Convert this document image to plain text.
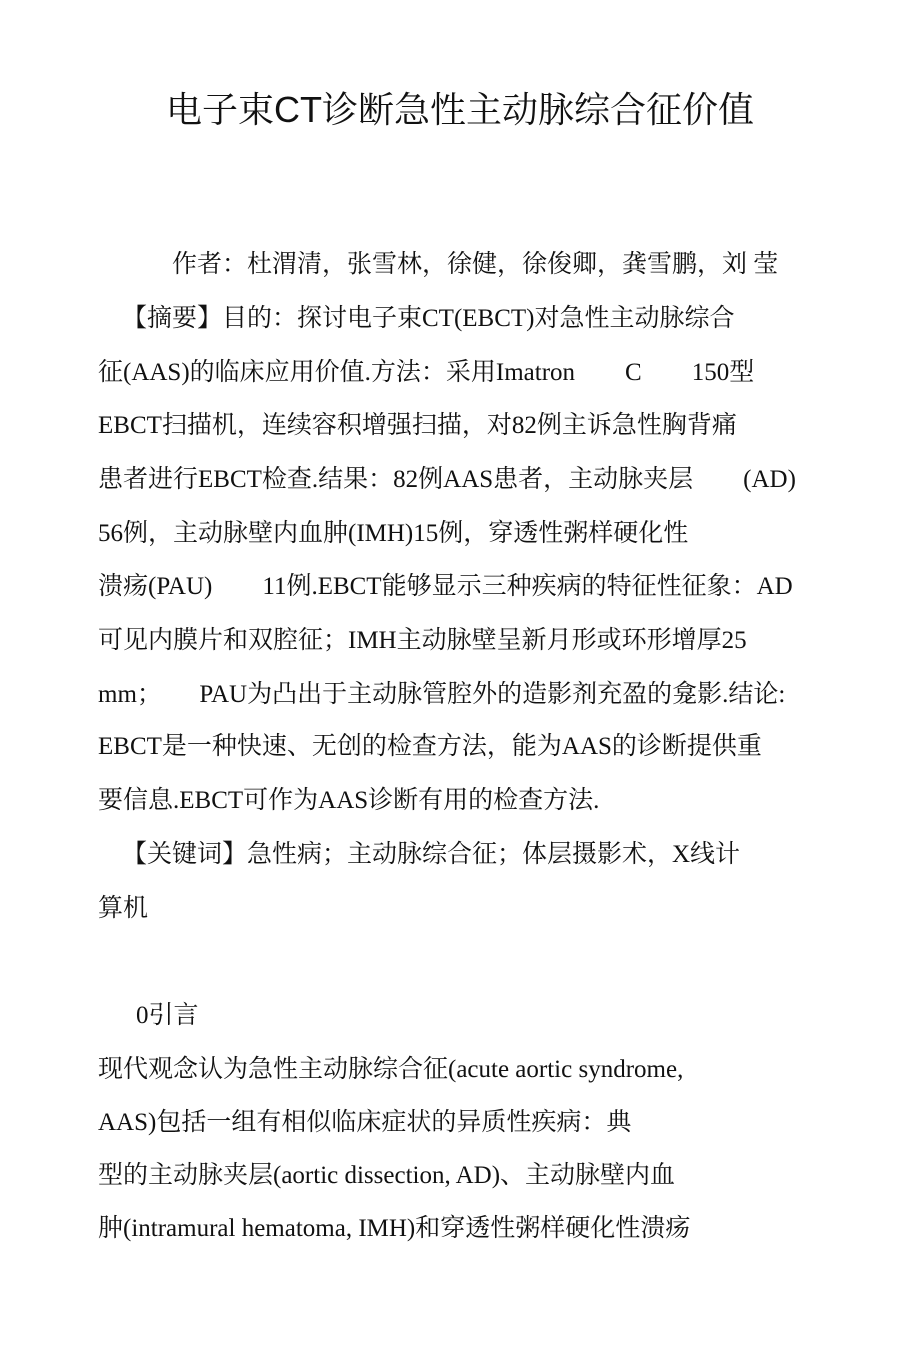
电子束CT诊断急性主动脉综合征价值
作者：杜渭清，张雪林，徐健，徐俊卿，龚雪鹏，刘 莹
【摘要】目的：探讨电子束CT(EBCT)对急性主动脉综合
征(AAS)的临床应用价值.方法：采用Imatron　　C　　150型
EBCT扫描机，连续容积增强扫描，对82例主诉急性胸背痛
患者进行EBCT检查.结果：82例AAS患者，主动脉夹层　　(AD)
56例，主动脉壁内血肿(IMH)15例，穿透性粥样硬化性
溃疡(PAU)　　11例.EBCT能够显示三种疾病的特征性征象：AD
可见内膜片和双腔征；IMH主动脉壁呈新月形或环形增厚25
mm；　　PAU为凸出于主动脉管腔外的造影剂充盈的龛影.结论:
EBCT是一种快速、无创的检查方法，能为AAS的诊断提供重
要信息.EBCT可作为AAS诊断有用的检查方法.
【关键词】急性病；主动脉综合征；体层摄影术，X线计
算机
0引言
现代观念认为急性主动脉综合征(acute aortic syndrome,
AAS)包括一组有相似临床症状的异质性疾病：典
型的主动脉夹层(aortic dissection, AD)、主动脉壁内血
肿(intramural hematoma, IMH)和穿透性粥样硬化性溃疡
